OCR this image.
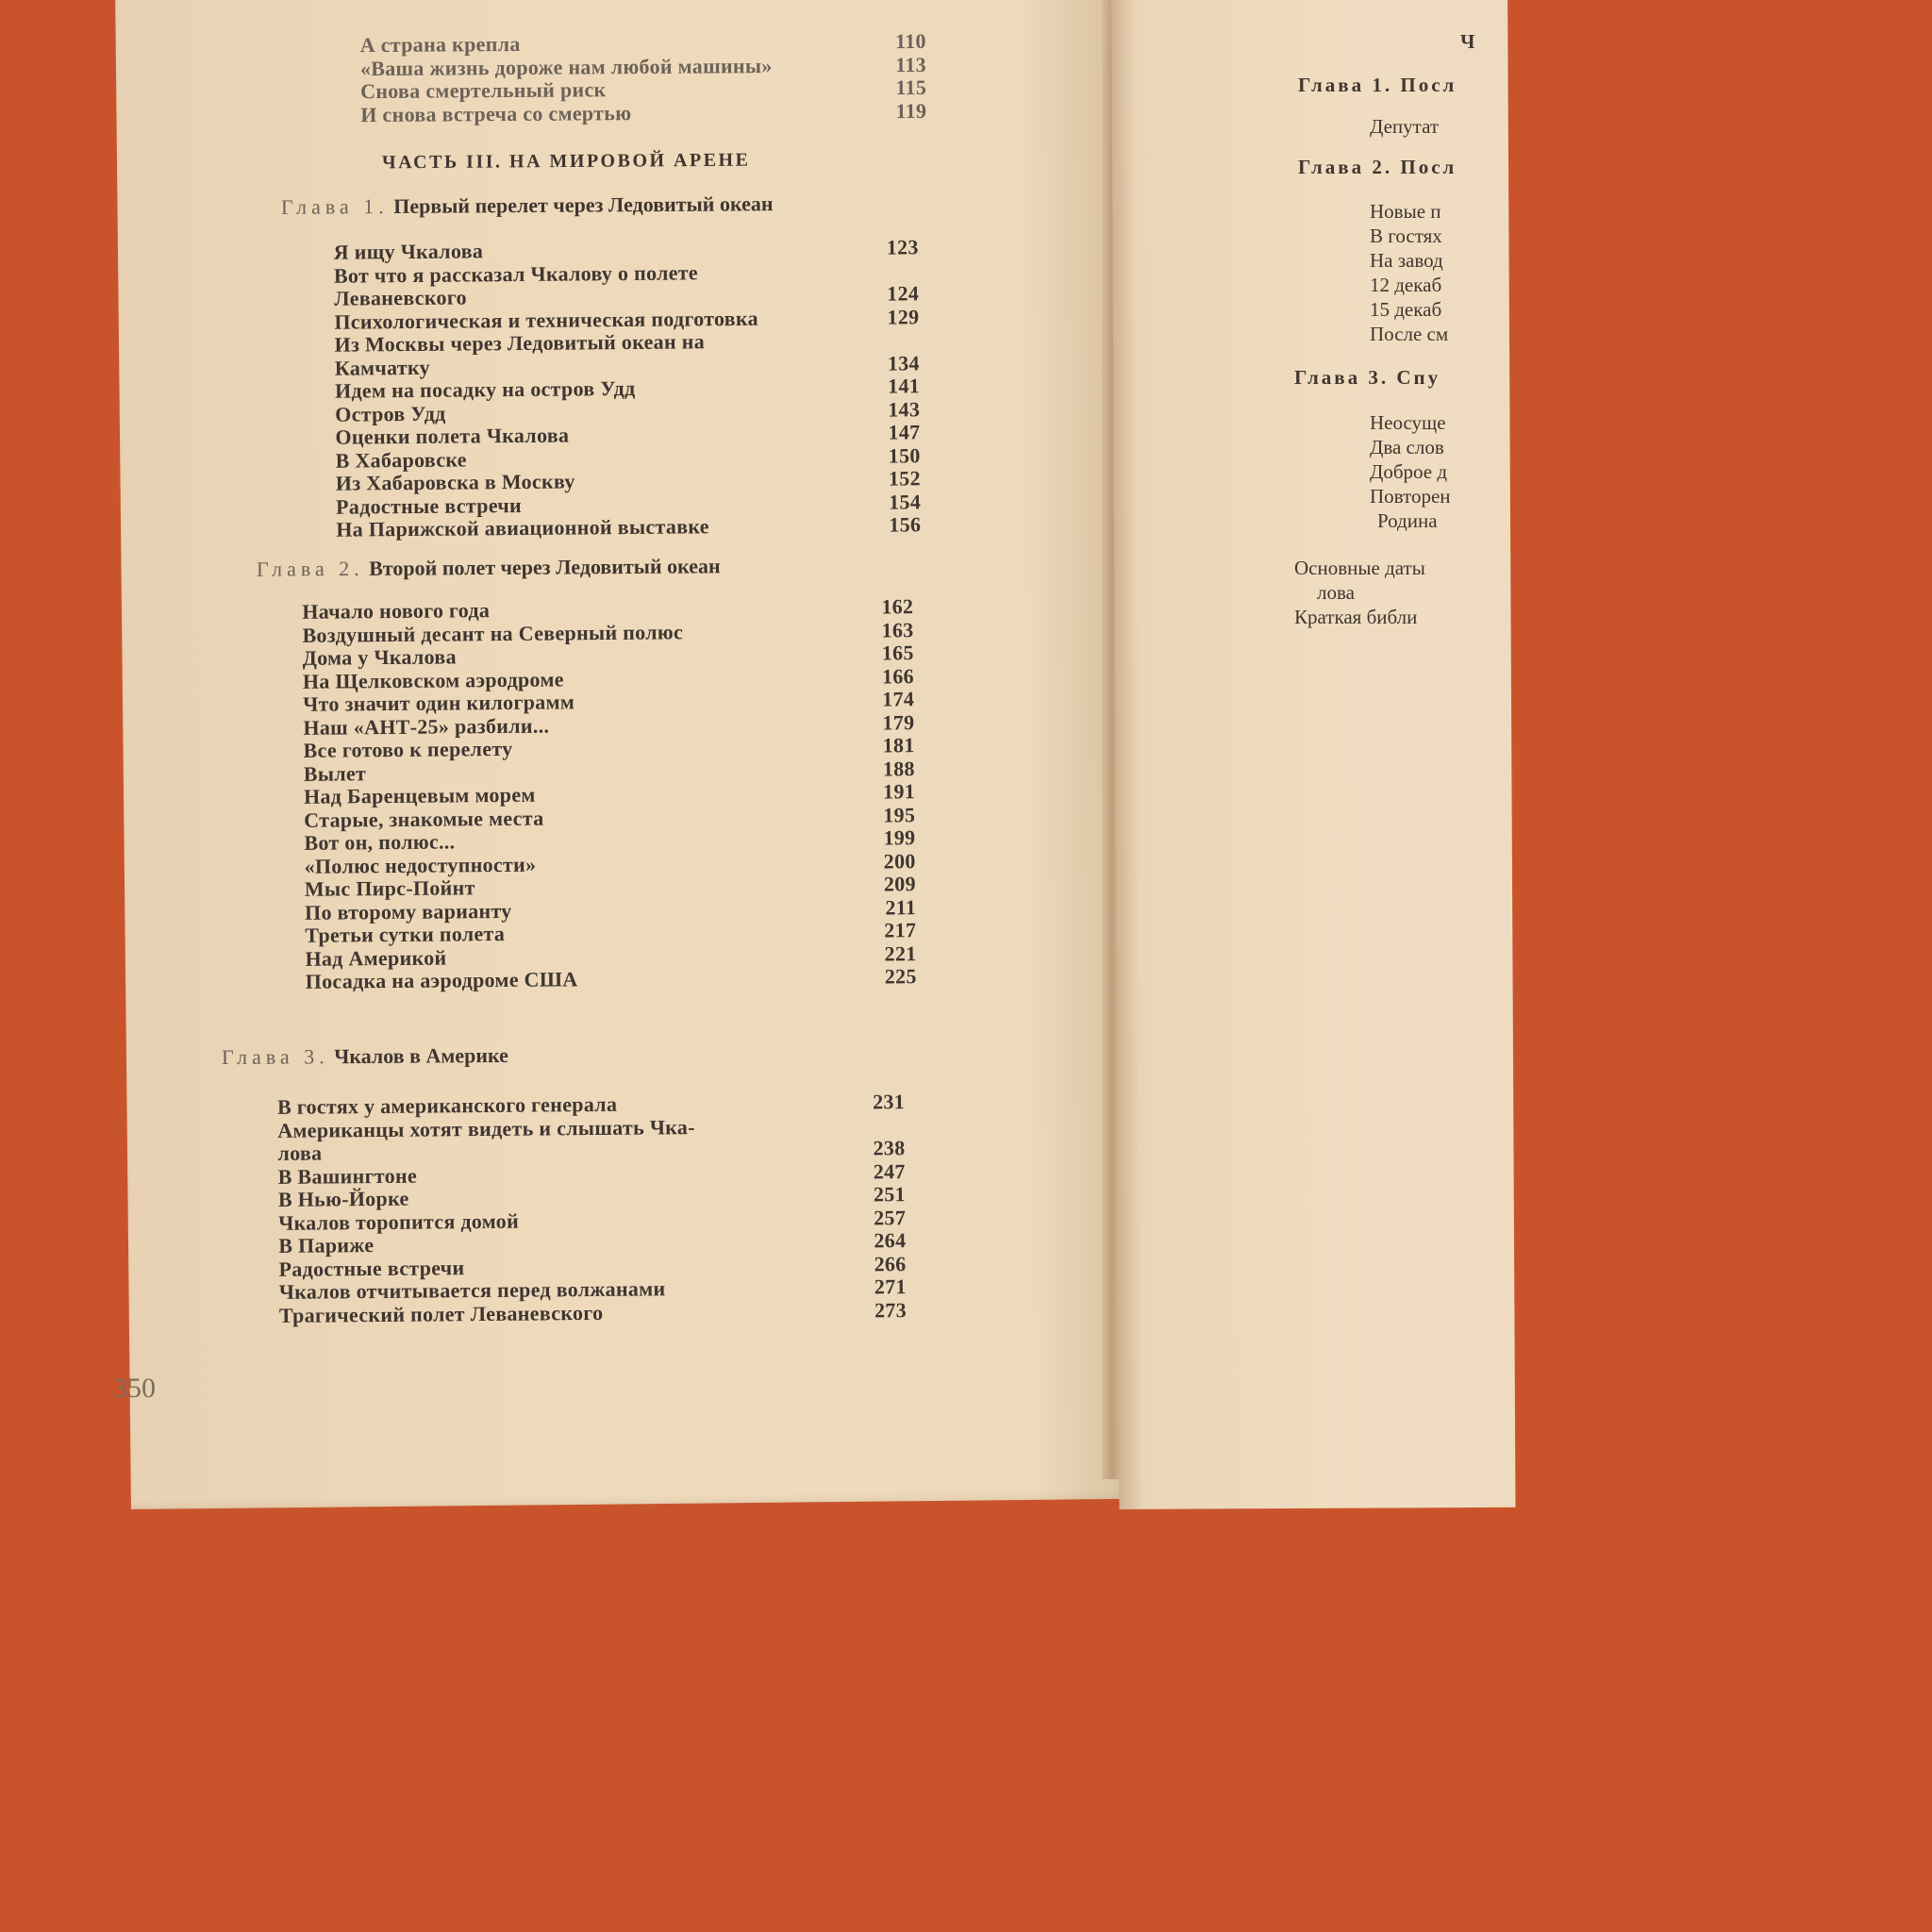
А страна крепла	110
«Ваша жизнь дороже нам любой машины»	113
Снова смертельный риск	115
И снова встреча со смертью	119
ЧАСТЬ III. НА МИРОВОЙ АРЕНЕ
Глава 1. Первый перелет через Ледовитый океан
Я ищу Чкалова	123
Вот что я рассказал Чкалову о полете
Леваневского	124
Психологическая и техническая подготовка	129
Из Москвы через Ледовитый океан на
Камчатку	134
Идем на посадку на остров Удд	141
Остров Удд	143
Оценки полета Чкалова	147
В Хабаровске	150
Из Хабаровска в Москву	152
Радостные встречи	154
На Парижской авиационной выставке	156
Глава 2. Второй полет через Ледовитый океан
Начало нового года	162
Воздушный десант на Северный полюс	163
Дома у Чкалова	165
На Щелковском аэродроме	166
Что значит один килограмм	174
Наш «АНТ-25» разбили...	179
Все готово к перелету	181
Вылет	188
Над Баренцевым морем	191
Старые, знакомые места	195
Вот он, полюс...	199
«Полюс недоступности»	200
Мыс Пирс-Пойнт	209
По второму варианту	211
Третьи сутки полета	217
Над Америкой	221
Посадка на аэродроме США	225
Глава 3. Чкалов в Америке
В гостях у американского генерала	231
Американцы хотят видеть и слышать Чка-
лова	238
В Вашингтоне	247
В Нью-Йорке	251
Чкалов торопится домой	257
В Париже	264
Радостные встречи	266
Чкалов отчитывается перед волжанами	271
Трагический полет Леваневского	273
350
Ч
Глава 1. Посл
Депутат
Глава 2. Посл
Новые п
В гостях
На завод
12 декаб
15 декаб
После см
Глава 3. Спу
Неосуще
Два слов
Доброе д
Повторен
Родина
Основные даты
лова
Краткая библи
